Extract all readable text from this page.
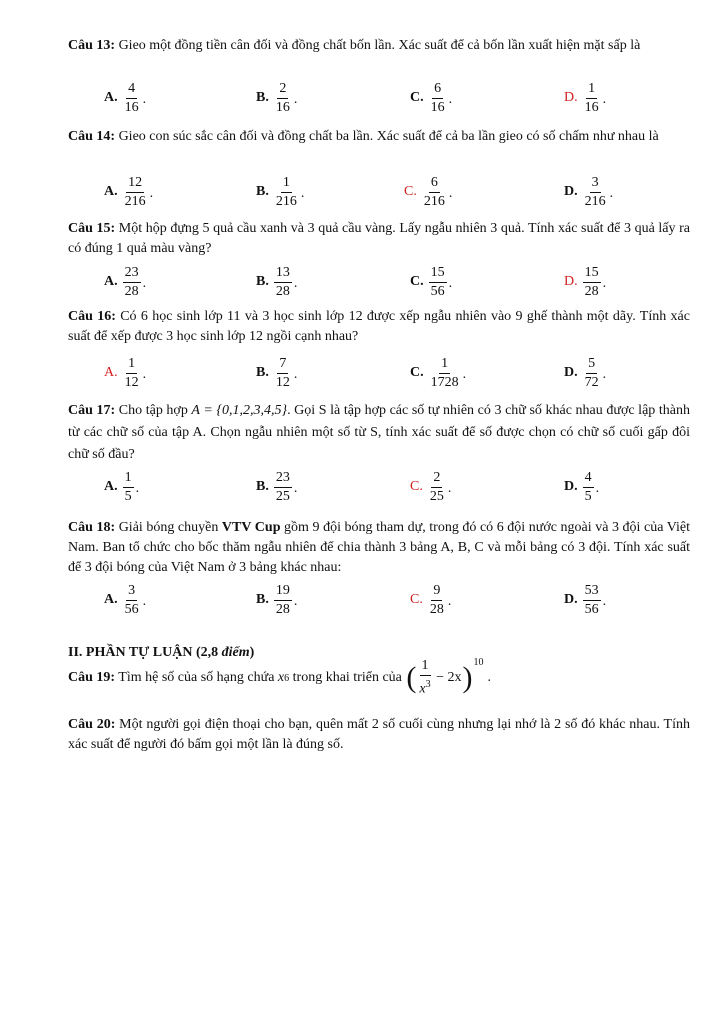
Câu 13: Gieo một đồng tiền cân đối và đồng chất bốn lần. Xác suất để cả bốn lần xuất hiện mặt sấp là
A. $\frac{4}{16}$ .	B. $\frac{2}{16}$ .	C. $\frac{6}{16}$ .	D. $\frac{1}{16}$ .
Câu 14: Gieo con súc sắc cân đối và đồng chất ba lần. Xác suất để cả ba lần gieo có số chấm như nhau là
A. $\frac{12}{216}$ .	B. $\frac{1}{216}$ .	C. $\frac{6}{216}$ .	D. $\frac{3}{216}$ .
Câu 15: Một hộp đựng 5 quả cầu xanh và 3 quả cầu vàng. Lấy ngẫu nhiên 3 quả. Tính xác suất để 3 quả lấy ra có đúng 1 quả màu vàng?
A. $\frac{23}{28}$ .	B. $\frac{13}{28}$ .	C. $\frac{15}{56}$ .	D. $\frac{15}{28}$ .
Câu 16: Có 6 học sinh lớp 11 và 3 học sinh lớp 12 được xếp ngẫu nhiên vào 9 ghế thành một dãy. Tính xác suất để xếp được 3 học sinh lớp 12 ngồi cạnh nhau?
A. $\frac{1}{12}$ .	B. $\frac{7}{12}$ .	C. $\frac{1}{1728}$ .	D. $\frac{5}{72}$ .
Câu 17: Cho tập hợp A = {0,1,2,3,4,5}. Gọi S là tập hợp các số tự nhiên có 3 chữ số khác nhau được lập thành từ các chữ số của tập A. Chọn ngẫu nhiên một số từ S, tính xác suất để số được chọn có chữ số cuối gấp đôi chữ số đầu?
A. $\frac{1}{5}$ .	B. $\frac{23}{25}$ .	C. $\frac{2}{25}$ .	D. $\frac{4}{5}$ .
Câu 18: Giải bóng chuyền VTV Cup gồm 9 đội bóng tham dự, trong đó có 6 đội nước ngoài và 3 đội của Việt Nam. Ban tổ chức cho bốc thăm ngẫu nhiên để chia thành 3 bảng A, B, C và mỗi bảng có 3 đội. Tính xác suất để 3 đội bóng của Việt Nam ở 3 bảng khác nhau:
A. $\frac{3}{56}$ .	B. $\frac{19}{28}$ .	C. $\frac{9}{28}$ .	D. $\frac{53}{56}$ .
II. PHẦN TỰ LUẬN (2,8 điểm)
Câu 19: Tìm hệ số của số hạng chứa x 6 trong khai triển của ( $\frac{1}{x^3} - 2x$ )$^{10}$
.
Câu 20: Một người gọi điện thoại cho bạn, quên mất 2 số cuối cùng nhưng lại nhớ là 2 số đó khác nhau. Tính xác suất để người đó bấm gọi một lần là đúng số.
